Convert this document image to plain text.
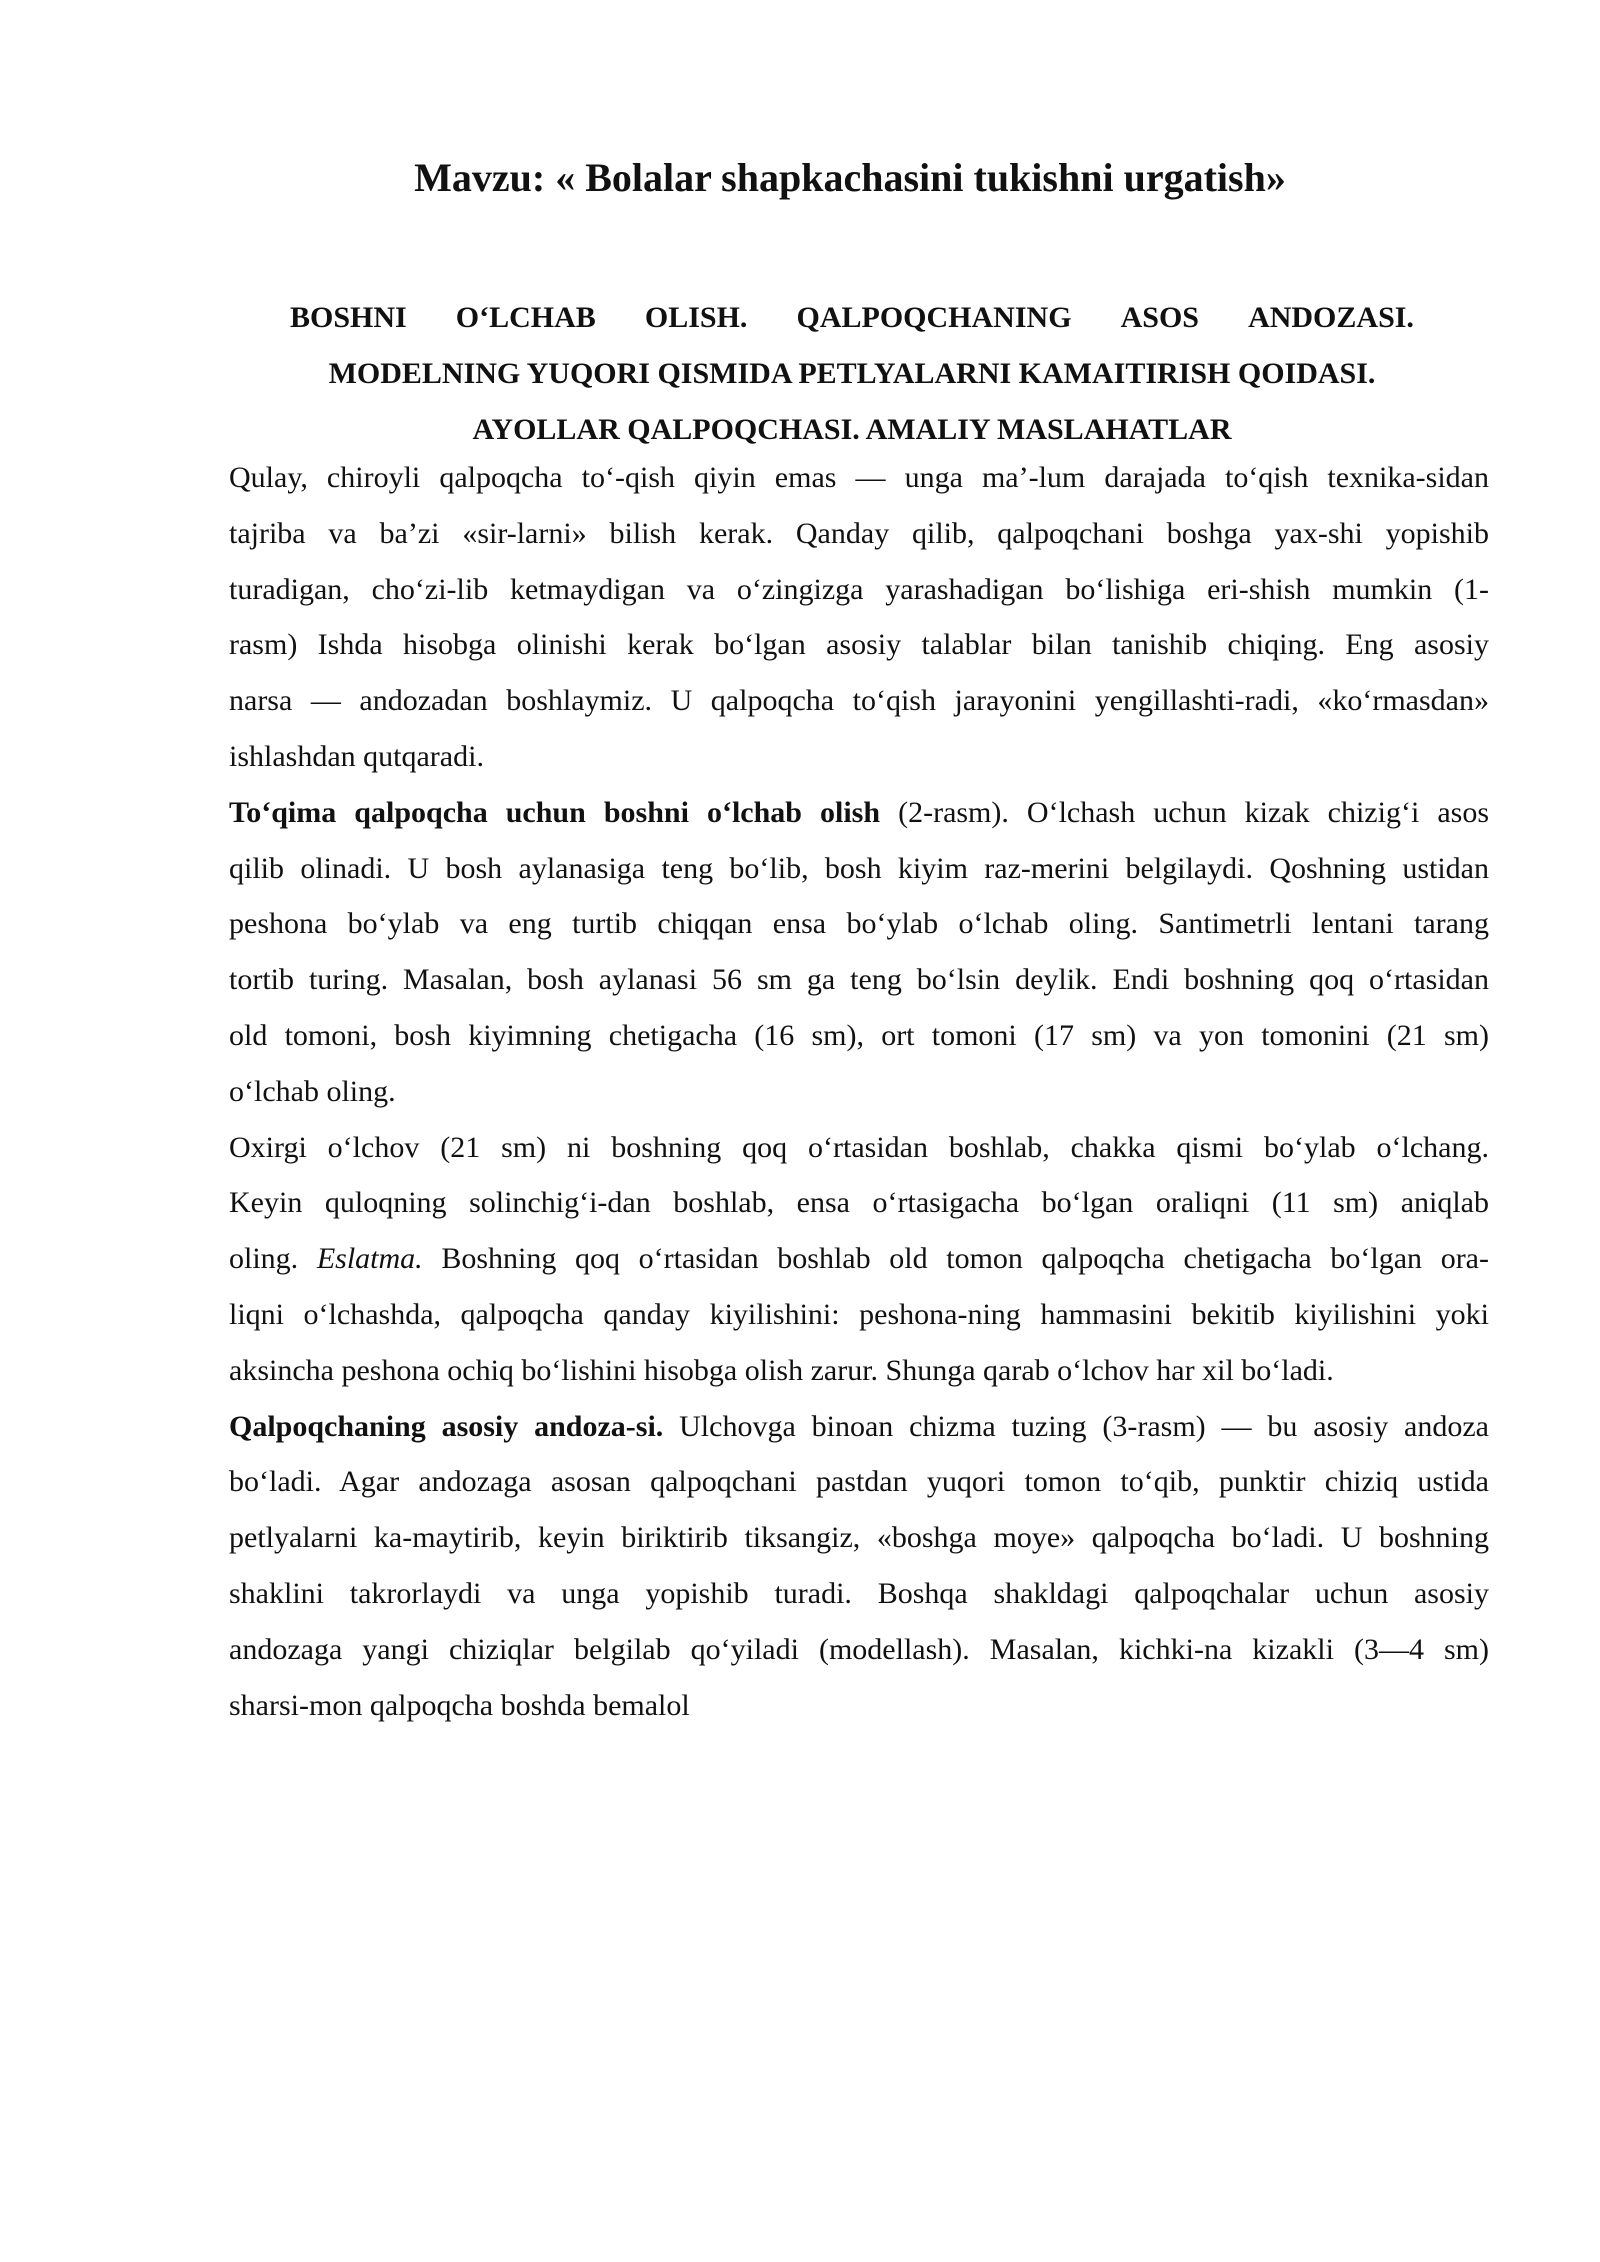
Mavzu: « Bolalar shapkachasini tukishni urgatish»
BOSHNI O‘LCHAB OLISH. QALPOQCHANING ASOS ANDOZASI.
MODELNING YUQORI QISMIDA PETLYALARNI KAMAITIRISH QOIDASI.
AYOLLAR QALPOQCHASI. AMALIY MASLAHATLAR
Qulay, chiroyli qalpoqcha to‘-qish qiyin emas — unga ma’-lum darajada to‘qish texnika-sidan
tajriba va ba’zi «sir-larni» bilish kerak. Qanday qilib, qalpoqchani boshga yax-shi yopishib
turadigan, cho‘zi-lib ketmaydigan va o‘zingizga yarashadigan bo‘lishiga eri-shish mumkin (1-
rasm) Ishda hisobga olinishi kerak bo‘lgan asosiy talablar bilan tanishib chiqing. Eng asosiy
narsa — andozadan boshlaymiz. U qalpoqcha to‘qish jarayonini yengillashti-radi, «ko‘rmasdan»
ishlashdan qutqaradi.
To‘qima qalpoqcha uchun boshni o‘lchab olish (2-rasm). O‘lchash uchun kizak chizig‘i asos
qilib olinadi. U bosh aylanasiga teng bo‘lib, bosh kiyim raz-merini belgilaydi. Qoshning ustidan
peshona bo‘ylab va eng turtib chiqqan ensa bo‘ylab o‘lchab oling. Santimetrli lentani tarang
tortib turing. Masalan, bosh aylanasi 56 sm ga teng bo‘lsin deylik. Endi boshning qoq o‘rtasidan
old tomoni, bosh kiyimning chetigacha (16 sm), ort tomoni (17 sm) va yon tomonini (21 sm)
o‘lchab oling.
Oxirgi o‘lchov (21 sm) ni boshning qoq o‘rtasidan boshlab, chakka qismi bo‘ylab o‘lchang.
Keyin quloqning solinchig‘i-dan boshlab, ensa o‘rtasigacha bo‘lgan oraliqni (11 sm) aniqlab
oling. Eslatma. Boshning qoq o‘rtasidan boshlab old tomon qalpoqcha chetigacha bo‘lgan ora-
liqni o‘lchashda, qalpoqcha qanday kiyilishini: peshona-ning hammasini bekitib kiyilishini yoki
aksincha peshona ochiq bo‘lishini hisobga olish zarur. Shunga qarab o‘lchov har xil bo‘ladi.
Qalpoqchaning asosiy andoza-si. Ulchovga binoan chizma tuzing (3-rasm) — bu asosiy andoza
bo‘ladi. Agar andozaga asosan qalpoqchani pastdan yuqori tomon to‘qib, punktir chiziq ustida
petlyalarni ka-maytirib, keyin biriktirib tiksangiz, «boshga moye» qalpoqcha bo‘ladi. U boshning
shaklini takrorlaydi va unga yopishib turadi. Boshqa shakldagi qalpoqchalar uchun asosiy
andozaga yangi chiziqlar belgilab qo‘yiladi (modellash). Masalan, kichki-na kizakli (3—4 sm)
sharsi-mon qalpoqcha boshda bemalol
